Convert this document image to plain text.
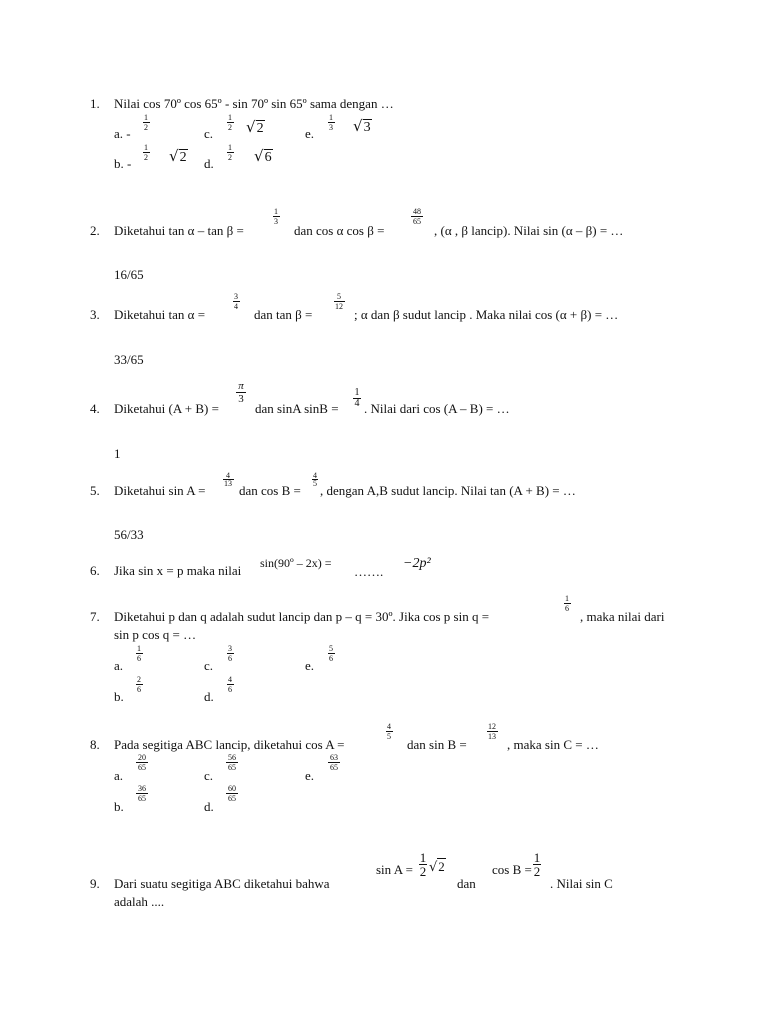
1. Nilai cos 70º cos 65º - sin 70º sin 65º sama dengan …
a. -
1
2	c.
1
2 √2	e.
1
3 √3
b. -
1
2 √2 d.
1
2 √6
2. Diketahui tan α – tan β =
1
3
dan cos α cos β =
48
65
, (α , β lancip). Nilai sin (α – β) = …
16/65
3. Diketahui tan α =
3
4
dan tan β =
5
12
; α dan β sudut lancip . Maka nilai cos (α + β) = …
33/65
4. Diketahui (A + B) =
π
3
dan sinA sinB =
1
4 . Nilai dari cos (A – B) = …
1
5. Diketahui sin A =
4
13 dan cos B =
4
5 , dengan A,B sudut lancip. Nilai tan (A + B) = …
56/33
6. Jika sin x = p maka nilai sin(90º – 2x) =
…….
−2p²
7. Diketahui p dan q adalah sudut lancip dan p – q = 30º. Jika cos p sin q =
1
6
, maka nilai dari
sin p cos q = …
a.
1
6	c.
3
6	e.
5
6
b.
2
6	d.
4
6
8. Pada segitiga ABC lancip, diketahui cos A =
4
5
dan sin B =
12
13
, maka sin C = …
a.
20
65
c.
56
65
e.
63
65
b.
36
65
d.
60
65
9. Dari suatu segitiga ABC diketahui bahwa
sin A =
1
2 √2
dan
cos B =
1
2
. Nilai sin C
adalah ....
